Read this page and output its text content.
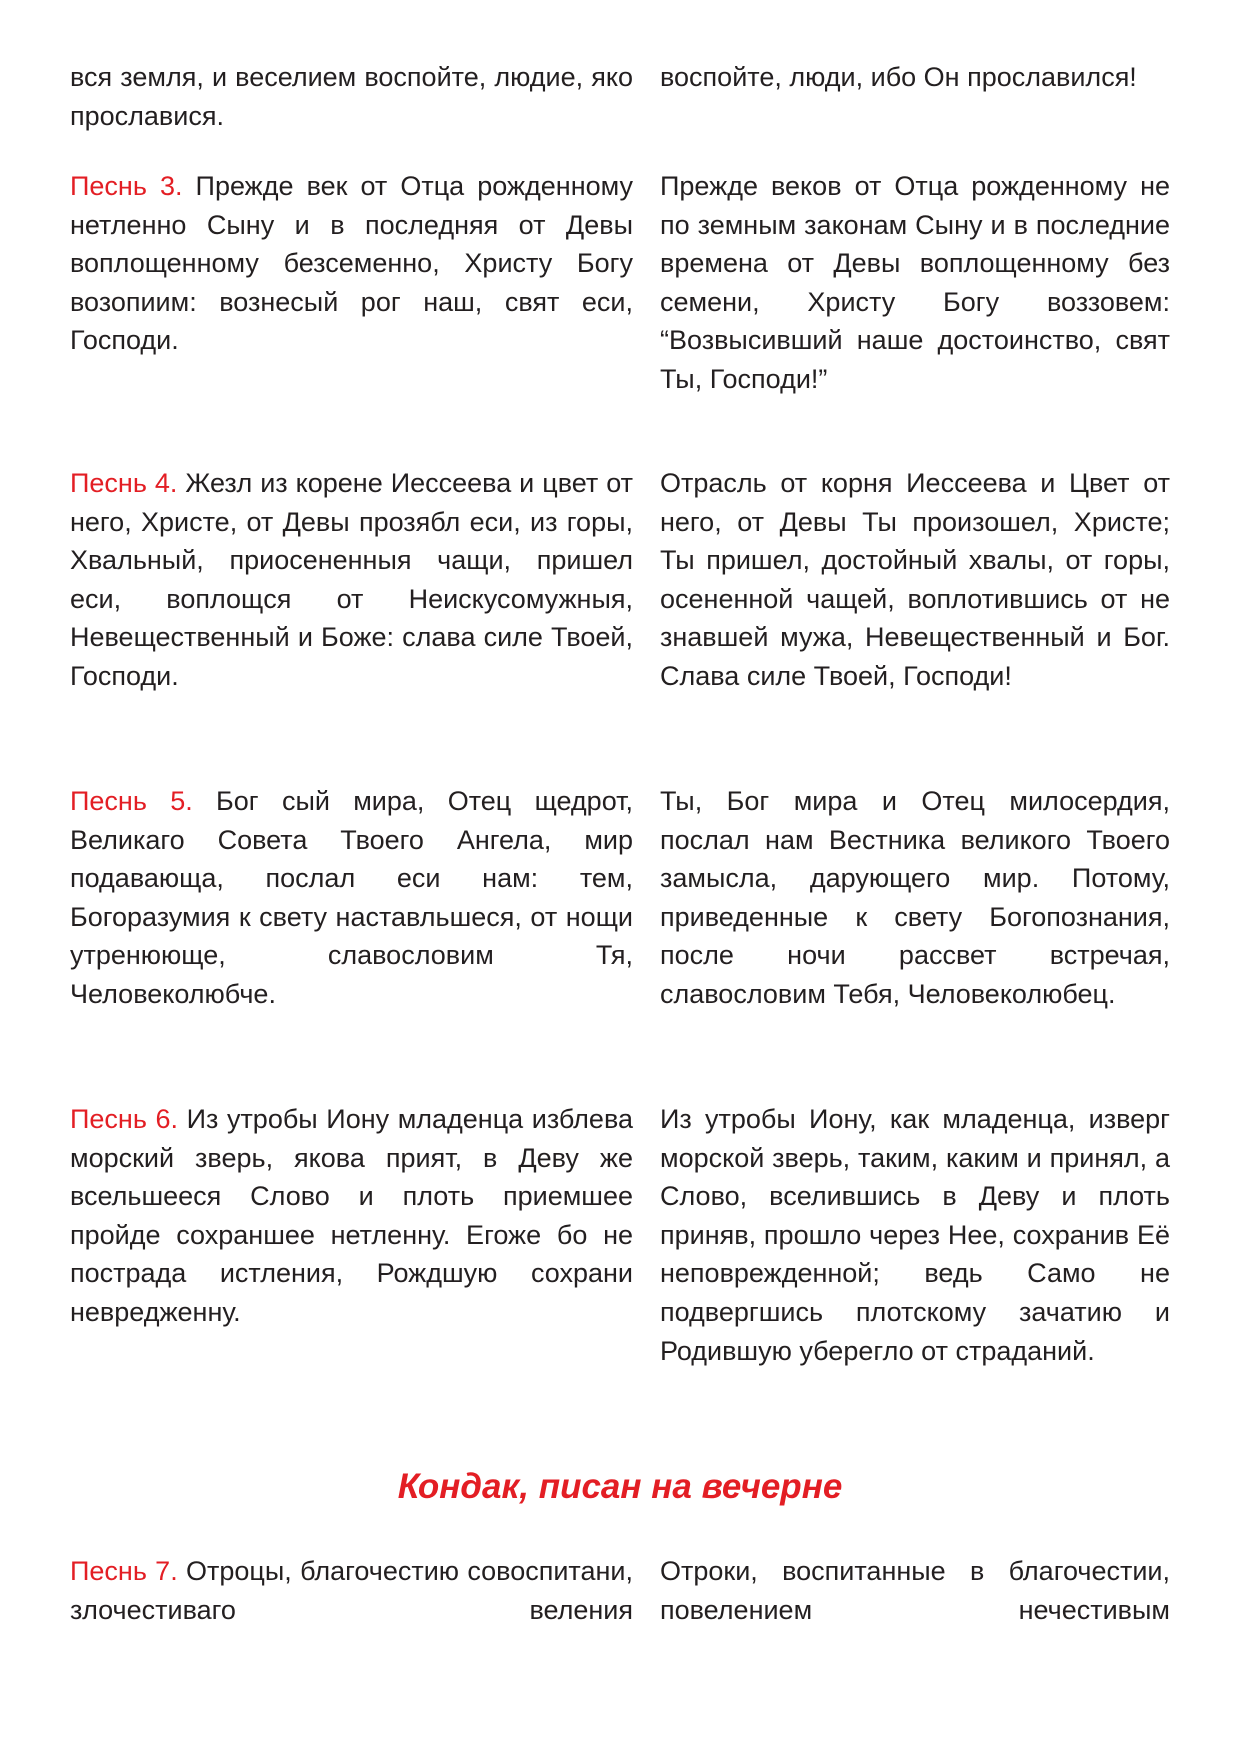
вся земля, и веселием воспойте, людие, яко прославися.
воспойте, люди, ибо Он прославился!
Песнь 3. Прежде век от Отца рожденному нетленно Сыну и в последняя от Девы воплощенному безсеменно, Христу Богу возопиим: вознесый рог наш, свят еси, Господи.
Прежде веков от Отца рожденному не по земным законам Сыну и в последние времена от Девы воплощенному без семени, Христу Богу воззовем: “Возвысивший наше достоинство, свят Ты, Господи!”
Песнь 4. Жезл из корене Иессеева и цвет от него, Христе, от Девы прозябл еси, из горы, Хвальный, приосененныя чащи, пришел еси, воплощся от Неискусомужныя, Невещественный и Боже: слава силе Твоей, Господи.
Отрасль от корня Иессеева и Цвет от него, от Девы Ты произошел, Христе; Ты пришел, достойный хвалы, от горы, осененной чащей, воплотившись от не знавшей мужа, Невещественный и Бог. Слава силе Твоей, Господи!
Песнь 5. Бог сый мира, Отец щедрот, Великаго Совета Твоего Ангела, мир подавающа, послал еси нам: тем, Богоразумия к свету наставльшеся, от нощи утренююще, славословим Тя, Человеколюбче.
Ты, Бог мира и Отец милосердия, послал нам Вестника великого Твоего замысла, дарующего мир. Потому, приведенные к свету Богопознания, после ночи рассвет встречая, славословим Тебя, Человеколюбец.
Песнь 6. Из утробы Иону младенца изблева морский зверь, якова прият, в Деву же всельшееся Слово и плоть приемшее пройде сохраншее нетленну. Егоже бо не пострада истления, Рождшую сохрани невредженну.
Из утробы Иону, как младенца, изверг морской зверь, таким, каким и принял, а Слово, вселившись в Деву и плоть приняв, прошло через Нее, сохранив Её неповрежденной; ведь Само не подвергшись плотскому зачатию и Родившую уберегло от страданий.
Кондак, писан на вечерне
Песнь 7. Отроцы, благочестию совоспитани, злочестиваго веления
Отроки, воспитанные в благочестии, повелением нечестивым
